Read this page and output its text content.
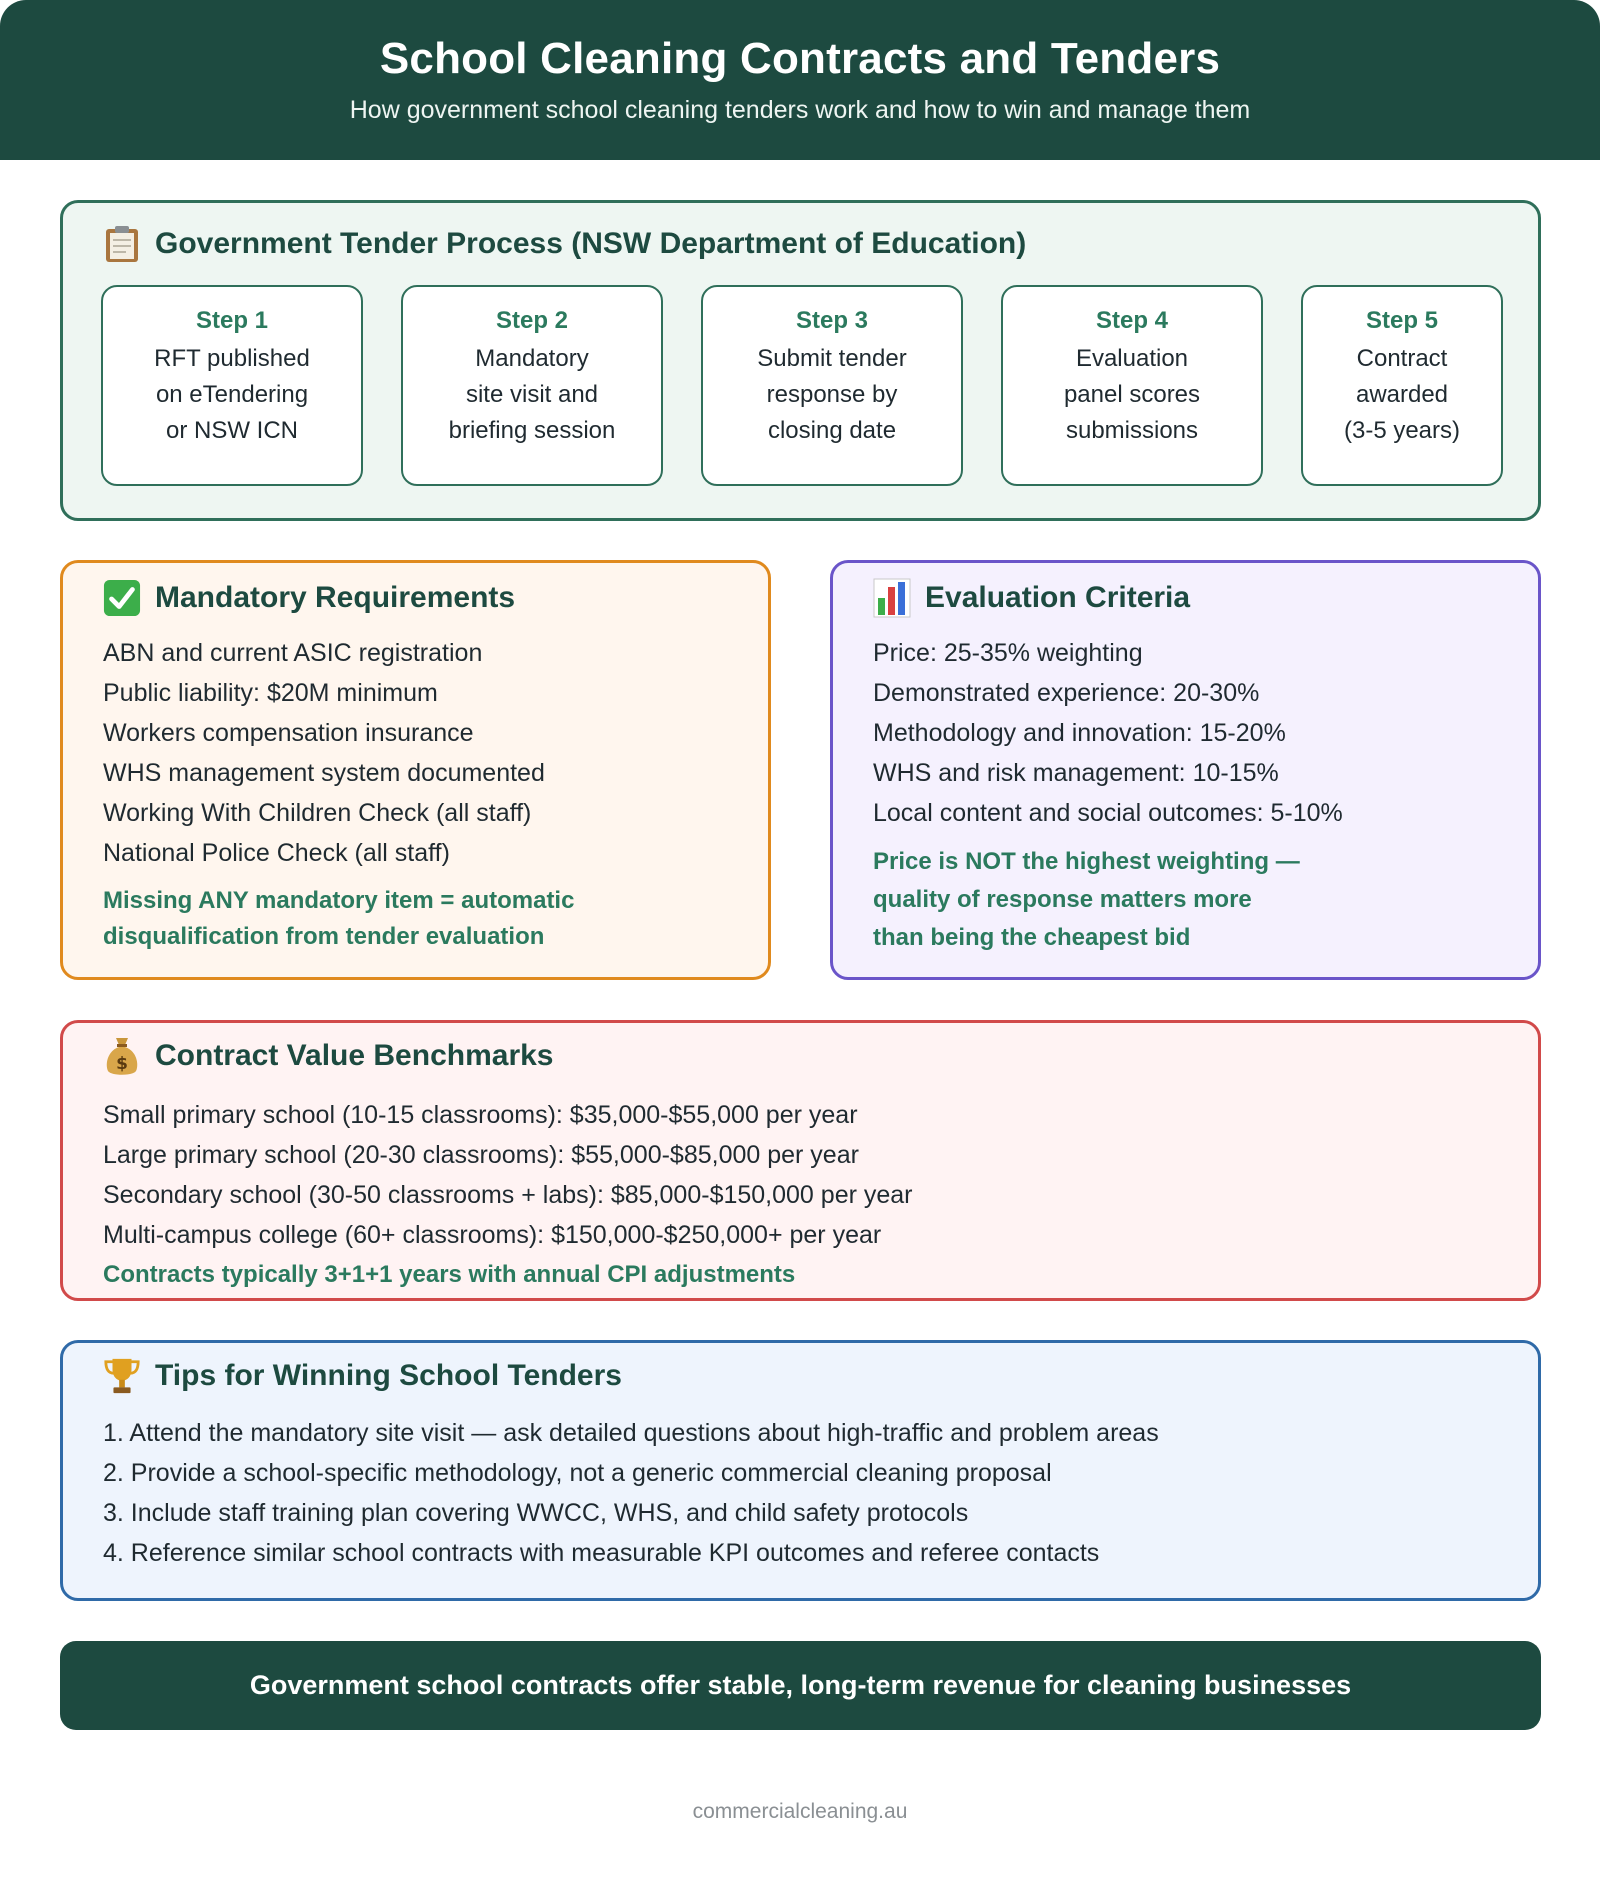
School Cleaning Contracts and Tenders

How government school cleaning tenders work and how to win and manage them

Government Tender Process (NSW Department of Education)
Step 1
RFT published
on eTendering
or NSW ICN
Step 2
Mandatory
site visit and
briefing session
Step 3
Submit tender
response by
closing date
Step 4
Evaluation
panel scores
submissions
Step 5
Contract
awarded
(3-5 years)
Mandatory Requirements
ABN and current ASIC registration
Public liability: $20M minimum
Workers compensation insurance
WHS management system documented
Working With Children Check (all staff)
National Police Check (all staff)
Missing ANY mandatory item = automatic
disqualification from tender evaluation
Evaluation Criteria
Price: 25-35% weighting
Demonstrated experience: 20-30%
Methodology and innovation: 15-20%
WHS and risk management: 10-15%
Local content and social outcomes: 5-10%
Price is NOT the highest weighting —
quality of response matters more
than being the cheapest bid
$ Contract Value Benchmarks
Small primary school (10-15 classrooms): $35,000-$55,000 per year
Large primary school (20-30 classrooms): $55,000-$85,000 per year
Secondary school (30-50 classrooms + labs): $85,000-$150,000 per year
Multi-campus college (60+ classrooms): $150,000-$250,000+ per year
Contracts typically 3+1+1 years with annual CPI adjustments
Tips for Winning School Tenders
1. Attend the mandatory site visit — ask detailed questions about high-traffic and problem areas
2. Provide a school-specific methodology, not a generic commercial cleaning proposal
3. Include staff training plan covering WWCC, WHS, and child safety protocols
4. Reference similar school contracts with measurable KPI outcomes and referee contacts
Government school contracts offer stable, long-term revenue for cleaning businesses
commercialcleaning.au
